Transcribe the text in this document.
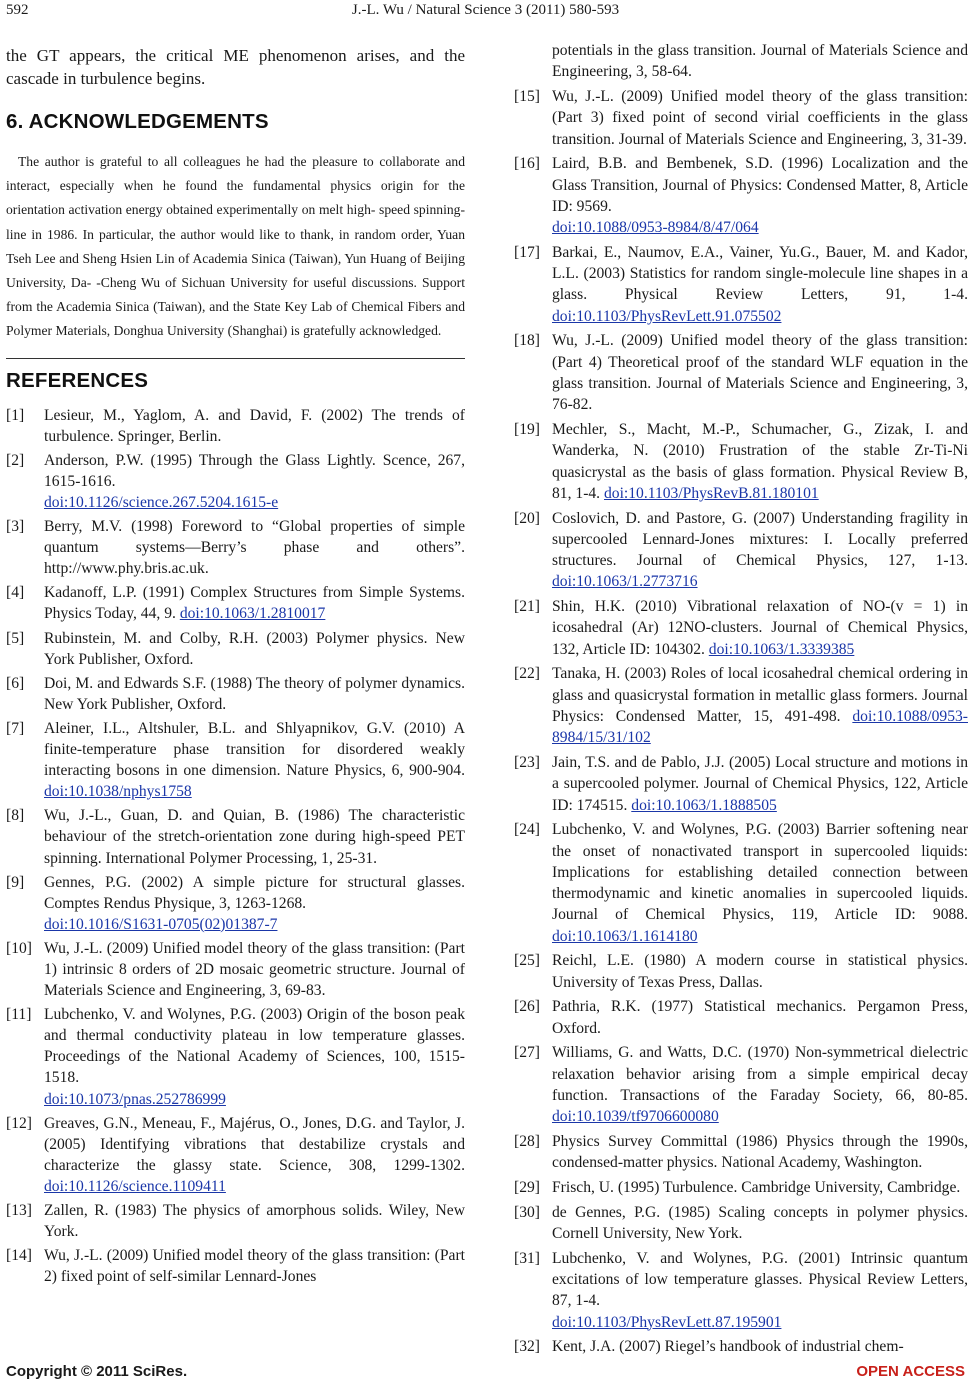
592	J.-L. Wu / Natural Science 3 (2011) 580-593

the GT appears, the critical ME phenomenon arises, and the cascade in turbulence begins.

6. ACKNOWLEDGEMENTS

The author is grateful to all colleagues he had the pleasure to collaborate and interact, especially when he found the fundamental physics origin for the orientation activation energy obtained experimentally on melt high- speed spinning-line in 1986. In particular, the author would like to thank, in random order, Yuan Tseh Lee and Sheng Hsien Lin of Academia Sinica (Taiwan), Yun Huang of Beijing University, Da- -Cheng Wu of Sichuan University for useful discussions. Support from the Academia Sinica (Taiwan), and the State Key Lab of Chemical Fibers and Polymer Materials, Donghua University (Shanghai) is gratefully acknowledged.

REFERENCES
[1] Lesieur, M., Yaglom, A. and David, F. (2002) The trends of turbulence. Springer, Berlin.
[2] Anderson, P.W. (1995) Through the Glass Lightly. Scence, 267, 1615-1616.
doi:10.1126/science.267.5204.1615-e
[3] Berry, M.V. (1998) Foreword to “Global properties of simple quantum systems—Berry’s phase and others”. http://www.phy.bris.ac.uk.
[4] Kadanoff, L.P. (1991) Complex Structures from Simple Systems. Physics Today, 44, 9. doi:10.1063/1.2810017
[5] Rubinstein, M. and Colby, R.H. (2003) Polymer physics. New York Publisher, Oxford.
[6] Doi, M. and Edwards S.F. (1988) The theory of polymer dynamics. New York Publisher, Oxford.
[7] Aleiner, I.L., Altshuler, B.L. and Shlyapnikov, G.V. (2010) A finite-temperature phase transition for disordered weakly interacting bosons in one dimension. Nature Physics, 6, 900-904. doi:10.1038/nphys1758
[8] Wu, J.-L., Guan, D. and Quian, B. (1986) The characteristic behaviour of the stretch-orientation zone during high-speed PET spinning. International Polymer Processing, 1, 25-31.
[9] Gennes, P.G. (2002) A simple picture for structural glasses. Comptes Rendus Physique, 3, 1263-1268.
doi:10.1016/S1631-0705(02)01387-7
[10] Wu, J.-L. (2009) Unified model theory of the glass transition: (Part 1) intrinsic 8 orders of 2D mosaic geometric structure. Journal of Materials Science and Engineering, 3, 69-83.
[11] Lubchenko, V. and Wolynes, P.G. (2003) Origin of the boson peak and thermal conductivity plateau in low temperature glasses. Proceedings of the National Academy of Sciences, 100, 1515-1518.
doi:10.1073/pnas.252786999
[12] Greaves, G.N., Meneau, F., Majérus, O., Jones, D.G. and Taylor, J. (2005) Identifying vibrations that destabilize crystals and characterize the glassy state. Science, 308, 1299-1302. doi:10.1126/science.1109411
[13] Zallen, R. (1983) The physics of amorphous solids. Wiley, New York.
[14] Wu, J.-L. (2009) Unified model theory of the glass transition: (Part 2) fixed point of self-similar Lennard-Jones
potentials in the glass transition. Journal of Materials Science and Engineering, 3, 58-64.
[15] Wu, J.-L. (2009) Unified model theory of the glass transition: (Part 3) fixed point of second virial coefficients in the glass transition. Journal of Materials Science and Engineering, 3, 31-39.
[16] Laird, B.B. and Bembenek, S.D. (1996) Localization and the Glass Transition, Journal of Physics: Condensed Matter, 8, Article ID: 9569.
doi:10.1088/0953-8984/8/47/064
[17] Barkai, E., Naumov, E.A., Vainer, Yu.G., Bauer, M. and Kador, L.L. (2003) Statistics for random single-molecule line shapes in a glass. Physical Review Letters, 91, 1-4. doi:10.1103/PhysRevLett.91.075502
[18] Wu, J.-L. (2009) Unified model theory of the glass transition: (Part 4) Theoretical proof of the standard WLF equation in the glass transition. Journal of Materials Science and Engineering, 3, 76-82.
[19] Mechler, S., Macht, M.-P., Schumacher, G., Zizak, I. and Wanderka, N. (2010) Frustration of the stable Zr-Ti-Ni quasicrystal as the basis of glass formation. Physical Review B, 81, 1-4. doi:10.1103/PhysRevB.81.180101
[20] Coslovich, D. and Pastore, G. (2007) Understanding fragility in supercooled Lennard-Jones mixtures: I. Locally preferred structures. Journal of Chemical Physics, 127, 1-13. doi:10.1063/1.2773716
[21] Shin, H.K. (2010) Vibrational relaxation of NO-(v = 1) in icosahedral (Ar) 12NO-clusters. Journal of Chemical Physics, 132, Article ID: 104302. doi:10.1063/1.3339385
[22] Tanaka, H. (2003) Roles of local icosahedral chemical ordering in glass and quasicrystal formation in metallic glass formers. Journal Physics: Condensed Matter, 15, 491-498. doi:10.1088/0953-8984/15/31/102
[23] Jain, T.S. and de Pablo, J.J. (2005) Local structure and motions in a supercooled polymer. Journal of Chemical Physics, 122, Article ID: 174515. doi:10.1063/1.1888505
[24] Lubchenko, V. and Wolynes, P.G. (2003) Barrier softening near the onset of nonactivated transport in supercooled liquids: Implications for establishing detailed connection between thermodynamic and kinetic anomalies in supercooled liquids. Journal of Chemical Physics, 119, Article ID: 9088. doi:10.1063/1.1614180
[25] Reichl, L.E. (1980) A modern course in statistical physics. University of Texas Press, Dallas.
[26] Pathria, R.K. (1977) Statistical mechanics. Pergamon Press, Oxford.
[27] Williams, G. and Watts, D.C. (1970) Non-symmetrical dielectric relaxation behavior arising from a simple empirical decay function. Transactions of the Faraday Society, 66, 80-85. doi:10.1039/tf9706600080
[28] Physics Survey Committal (1986) Physics through the 1990s, condensed-matter physics. National Academy, Washington.
[29] Frisch, U. (1995) Turbulence. Cambridge University, Cambridge.
[30] de Gennes, P.G. (1985) Scaling concepts in polymer physics. Cornell University, New York.
[31] Lubchenko, V. and Wolynes, P.G. (2001) Intrinsic quantum excitations of low temperature glasses. Physical Review Letters, 87, 1-4.
doi:10.1103/PhysRevLett.87.195901
[32] Kent, J.A. (2007) Riegel’s handbook of industrial chem-
Copyright © 2011 SciRes.	OPEN ACCESS
